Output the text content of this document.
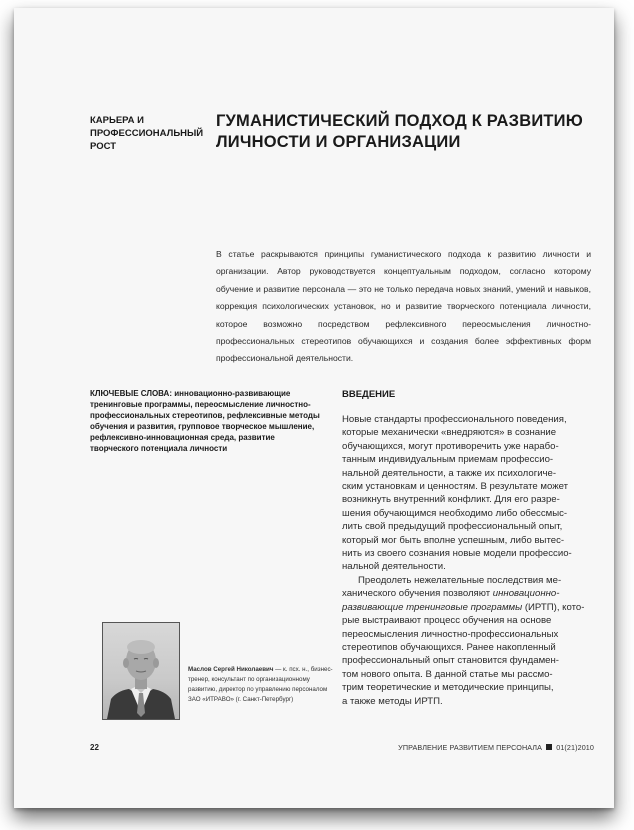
КАРЬЕРА И
ПРОФЕССИОНАЛЬНЫЙ
РОСТ
ГУМАНИСТИЧЕСКИЙ ПОДХОД К РАЗВИТИЮ
ЛИЧНОСТИ И ОРГАНИЗАЦИИ

В статье раскрываются принципы гуманистического подхода к развитию личности и организации. Автор руководствуется концептуальным подходом, согласно которому обучение и развитие персонала — это не только передача новых знаний, умений и навыков, коррекция психологических установок, но и развитие творческого потенциала личности, которое возможно посредством рефлексивного переосмысления личностно-профессиональных стереотипов обучающихся и создания более эффективных форм профессиональной деятельности.

КЛЮЧЕВЫЕ СЛОВА: инновационно-развивающие тренинговые программы, переосмысление личностно-профессиональных стереотипов, рефлексивные методы обучения и развития, групповое творческое мышление, рефлексивно-инновационная среда, развитие творческого потенциала личности
ВВЕДЕНИЕ
Новые стандарты профессионального поведения,
которые механически «внедряются» в сознание
обучающихся, могут противоречить уже нарабо-
танным индивидуальным приемам профессио-
нальной деятельности, а также их психологиче-
ским установкам и ценностям. В результате может
возникнуть внутренний конфликт. Для его разре-
шения обучающимся необходимо либо обессмыс-
лить свой предыдущий профессиональный опыт,
который мог быть вполне успешным, либо вытес-
нить из своего сознания новые модели профессио-
нальной деятельности.
Преодолеть нежелательные последствия ме-
ханического обучения позволяют инновационно-
развивающие тренинговые программы (ИРТП), кото-
рые выстраивают процесс обучения на основе
переосмысления личностно-профессиональных
стереотипов обучающихся. Ранее накопленный
профессиональный опыт становится фундамен-
том нового опыта. В данной статье мы рассмо-
трим теоретические и методические принципы,
а также методы ИРТП.
Маслов Сергей Николаевич — к. псх. н., бизнес-тренер, консультант по организационному развитию, директор по управлению персоналом ЗАО «ИТРАВО» (г. Санкт-Петербург)
22	УПРАВЛЕНИЕ РАЗВИТИЕМ ПЕРСОНАЛА 01(21)2010
